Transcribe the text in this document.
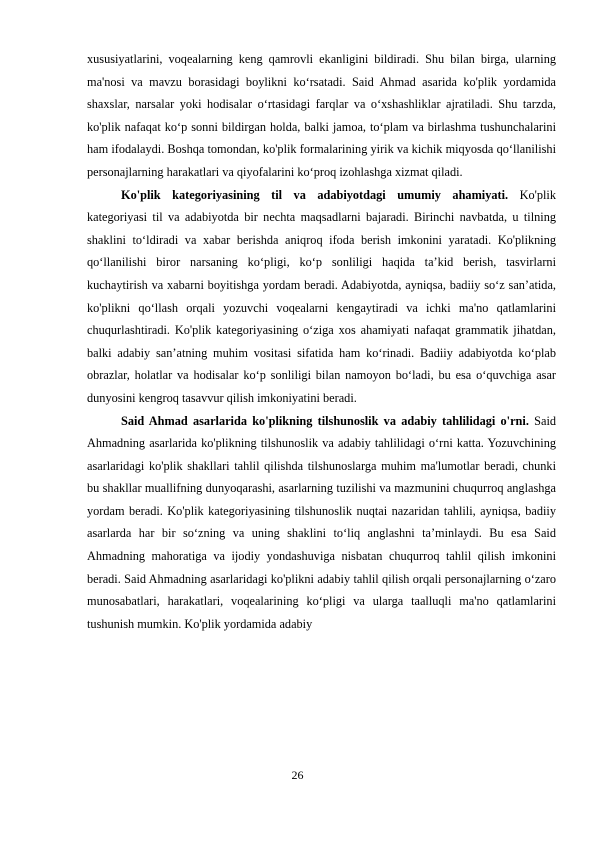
xususiyatlarini, voqealarning keng qamrovli ekanligini bildiradi. Shu bilan birga, ularning ma'nosi va mavzu borasidagi boylikni ko‘rsatadi. Said Ahmad asarida ko'plik yordamida shaxslar, narsalar yoki hodisalar o‘rtasidagi farqlar va o‘xshashliklar ajratiladi. Shu tarzda, ko'plik nafaqat ko‘p sonni bildirgan holda, balki jamoa, to‘plam va birlashma tushunchalarini ham ifodalaydi. Boshqa tomondan, ko'plik formalarining yirik va kichik miqyosda qo‘llanilishi personajlarning harakatlari va qiyofalarini ko‘proq izohlashga xizmat qiladi.

Ko'plik kategoriyasining til va adabiyotdagi umumiy ahamiyati. Ko'plik kategoriyasi til va adabiyotda bir nechta maqsadlarni bajaradi. Birinchi navbatda, u tilning shaklini to‘ldiradi va xabar berishda aniqroq ifoda berish imkonini yaratadi. Ko'plikning qo‘llanilishi biror narsaning ko‘pligi, ko‘p sonliligi haqida ta’kid berish, tasvirlarni kuchaytirish va xabarni boyitishga yordam beradi. Adabiyotda, ayniqsa, badiiy so‘z san’atida, ko'plikni qo‘llash orqali yozuvchi voqealarni kengaytiradi va ichki ma'no qatlamlarini chuqurlashtiradi. Ko'plik kategoriyasining o‘ziga xos ahamiyati nafaqat grammatik jihatdan, balki adabiy san’atning muhim vositasi sifatida ham ko‘rinadi. Badiiy adabiyotda ko‘plab obrazlar, holatlar va hodisalar ko‘p sonliligi bilan namoyon bo‘ladi, bu esa o‘quvchiga asar dunyosini kengroq tasavvur qilish imkoniyatini beradi.

Said Ahmad asarlarida ko'plikning tilshunoslik va adabiy tahlilidagi o'rni. Said Ahmadning asarlarida ko'plikning tilshunoslik va adabiy tahlilidagi o‘rni katta. Yozuvchining asarlaridagi ko'plik shakllari tahlil qilishda tilshunoslarga muhim ma'lumotlar beradi, chunki bu shakllar muallifning dunyoqarashi, asarlarning tuzilishi va mazmunini chuqurroq anglashga yordam beradi. Ko'plik kategoriyasining tilshunoslik nuqtai nazaridan tahlili, ayniqsa, badiiy asarlarda har bir so‘zning va uning shaklini to‘liq anglashni ta’minlaydi. Bu esa Said Ahmadning mahoratiga va ijodiy yondashuviga nisbatan chuqurroq tahlil qilish imkonini beradi. Said Ahmadning asarlaridagi ko'plikni adabiy tahlil qilish orqali personajlarning o‘zaro munosabatlari, harakatlari, voqealarining ko‘pligi va ularga taalluqli ma'no qatlamlarini tushunish mumkin. Ko'plik yordamida adabiy

26
